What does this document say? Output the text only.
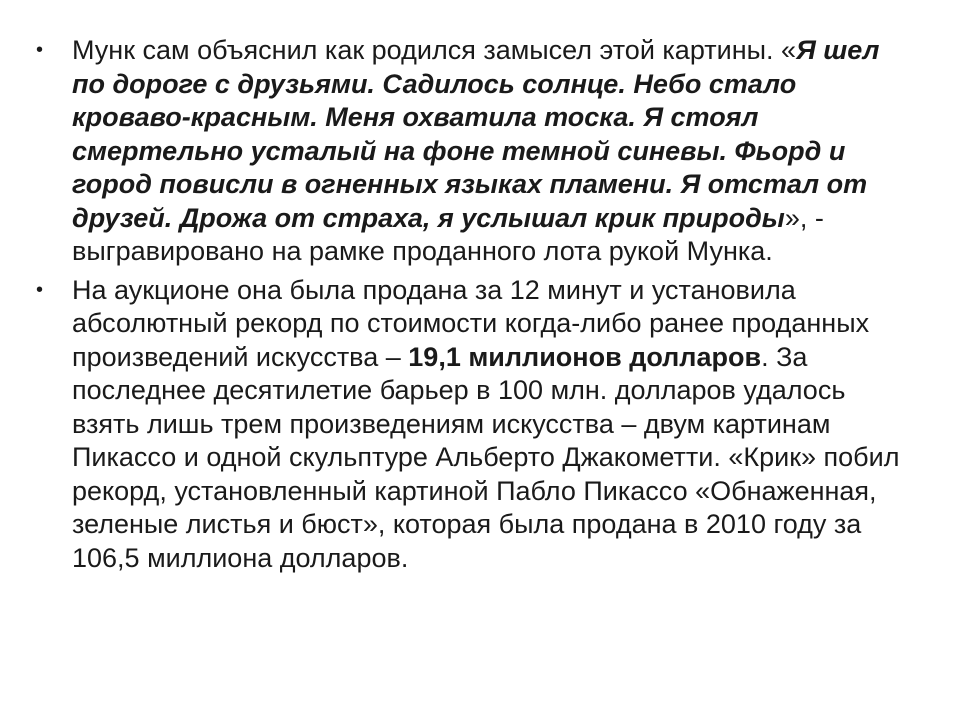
•	Мунк сам объяснил как родился замысел этой картины. «Я шел по дороге с друзьями. Садилось солнце. Небо стало кроваво-красным. Меня охватила тоска. Я стоял смертельно усталый на фоне темной синевы. Фьорд и город повисли в огненных языках пламени. Я отстал от друзей. Дрожа от страха, я услышал крик природы», - выгравировано на рамке проданного лота рукой Мунка.
•	На аукционе она была продана за 12 минут и установила абсолютный рекорд по стоимости когда-либо ранее проданных произведений искусства – 19,1 миллионов долларов. За последнее десятилетие барьер в 100 млн. долларов удалось взять лишь трем произведениям искусства – двум картинам Пикассо и одной скульптуре Альберто Джакометти. «Крик» побил рекорд, установленный картиной Пабло Пикассо «Обнаженная, зеленые листья и бюст», которая была продана в 2010 году за 106,5 миллиона долларов.
